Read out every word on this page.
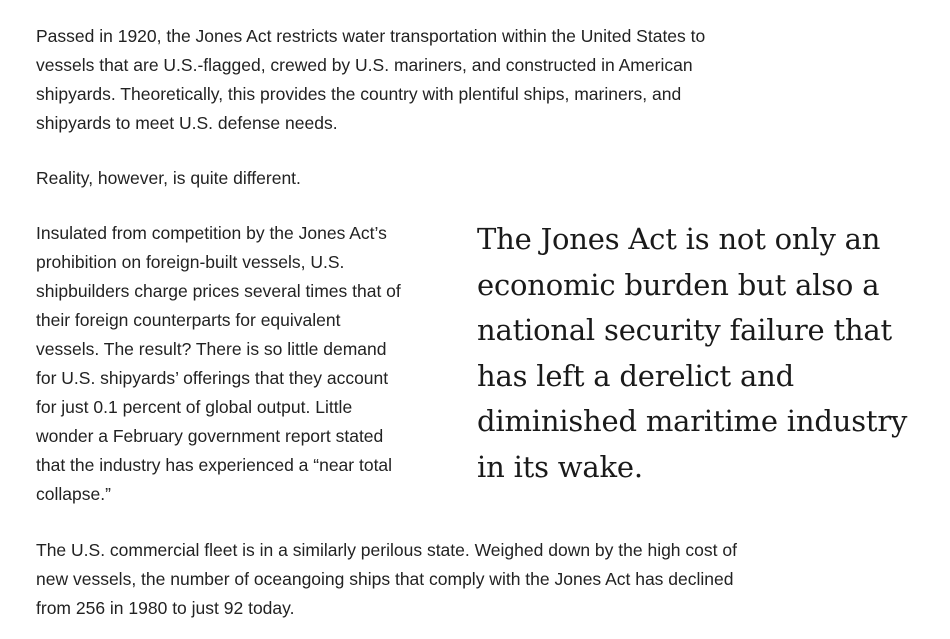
Passed in 1920, the Jones Act restricts water transportation within the United States to vessels that are U.S.-flagged, crewed by U.S. mariners, and constructed in American shipyards. Theoretically, this provides the country with plentiful ships, mariners, and shipyards to meet U.S. defense needs.

Reality, however, is quite different.

Insulated from competition by the Jones Act’s prohibition on foreign-built vessels, U.S. shipbuilders charge prices several times that of their foreign counterparts for equivalent vessels. The result? There is so little demand for U.S. shipyards’ offerings that they account for just 0.1 percent of global output. Little wonder a February government report stated that the industry has experienced a “near total collapse.”

The Jones Act is not only an economic burden but also a national security failure that has left a derelict and diminished maritime industry in its wake.

The U.S. commercial fleet is in a similarly perilous state. Weighed down by the high cost of new vessels, the number of oceangoing ships that comply with the Jones Act has declined from 256 in 1980 to just 92 today.
